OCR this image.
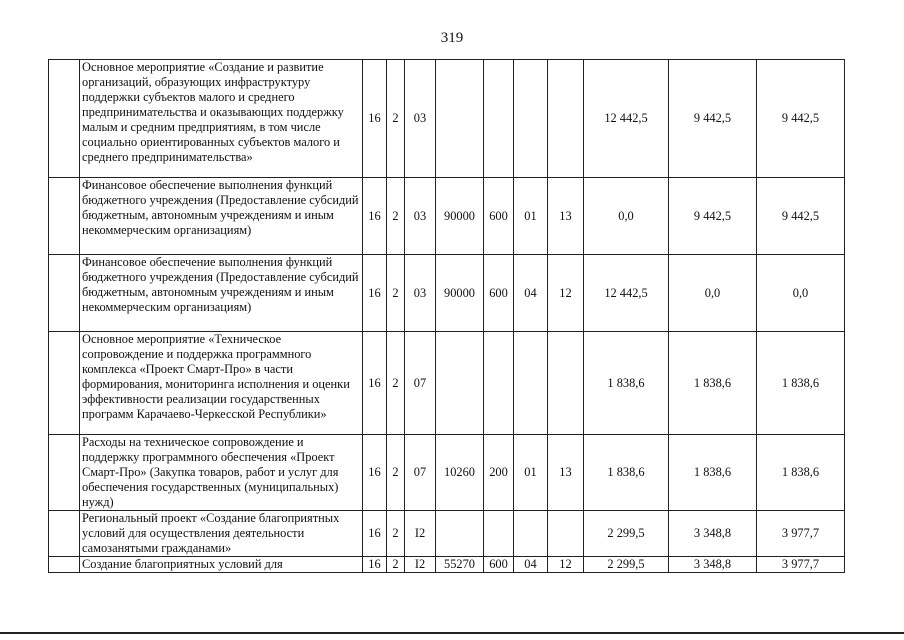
319
	Основное мероприятие «Создание и развитие организаций, образующих инфраструктуру поддержки субъектов малого и среднего предпринимательства и оказывающих поддержку малым и средним предприятиям, в том числе социально ориентированных субъектов малого и среднего предпринимательства»	16	2	03					12 442,5	9 442,5	9 442,5
	Финансовое обеспечение выполнения функций бюджетного учреждения (Предоставление субсидий бюджетным, автономным учреждениям и иным некоммерческим организациям)	16	2	03	90000	600	01	13	0,0	9 442,5	9 442,5
	Финансовое обеспечение выполнения функций бюджетного учреждения (Предоставление субсидий бюджетным, автономным учреждениям и иным некоммерческим организациям)	16	2	03	90000	600	04	12	12 442,5	0,0	0,0
	Основное мероприятие «Техническое сопровождение и поддержка программного комплекса «Проект Смарт-Про» в части формирования, мониторинга исполнения и оценки эффективности реализации государственных программ Карачаево-Черкесской Республики»	16	2	07					1 838,6	1 838,6	1 838,6
	Расходы на техническое сопровождение и поддержку программного обеспечения «Проект Смарт-Про» (Закупка товаров, работ и услуг для обеспечения государственных (муниципальных) нужд)	16	2	07	10260	200	01	13	1 838,6	1 838,6	1 838,6
	Региональный проект «Создание благоприятных условий для осуществления деятельности самозанятыми гражданами»	16	2	I2					2 299,5	3 348,8	3 977,7
	Создание благоприятных условий для	16	2	I2	55270	600	04	12	2 299,5	3 348,8	3 977,7
